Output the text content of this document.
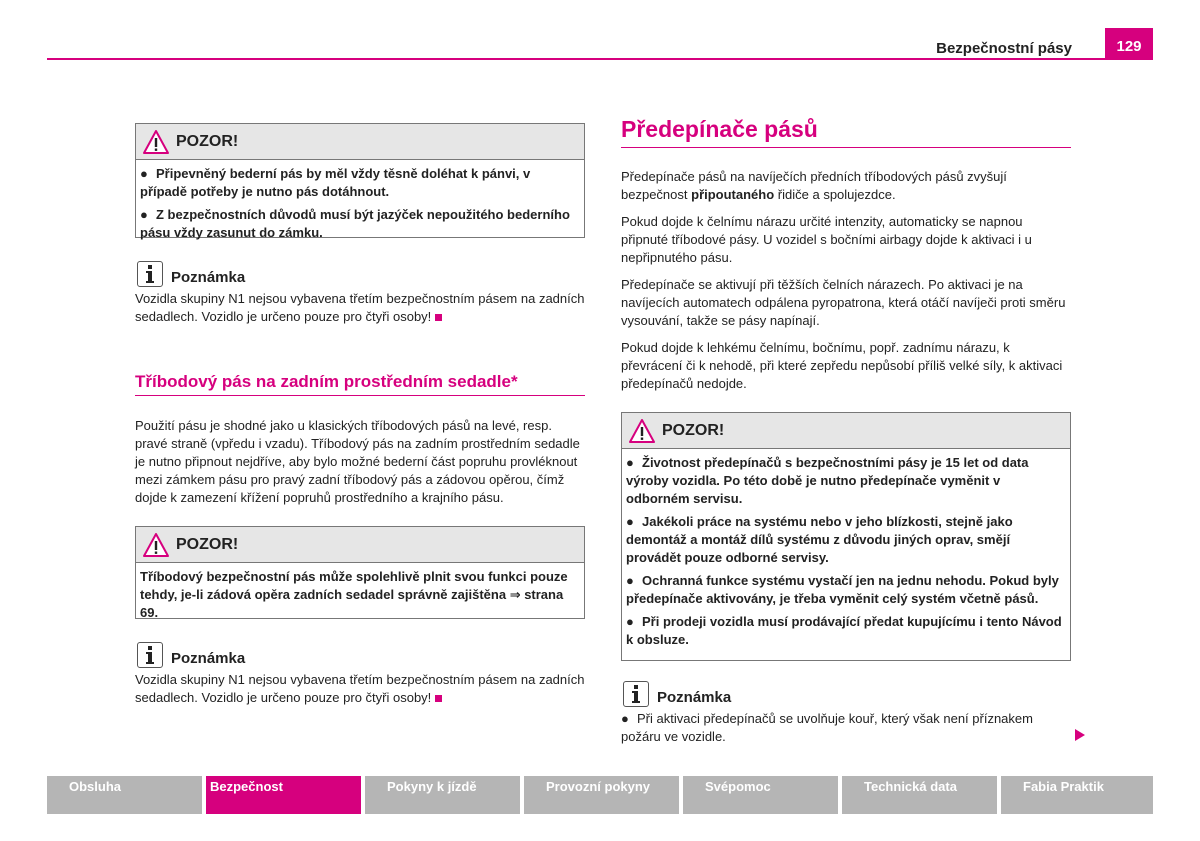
Bezpečnostní pásy	129
POZOR!

● Připevněný bederní pás by měl vždy těsně doléhat k pánvi, v případě potřeby je nutno pás dotáhnout.

● Z bezpečnostních důvodů musí být jazýček nepoužitého bederního pásu vždy zasunut do zámku.

Poznámka
Vozidla skupiny N1 nejsou vybavena třetím bezpečnostním pásem na zadních sedadlech. Vozidlo je určeno pouze pro čtyři osoby!
Tříbodový pás na zadním prostředním sedadle*

Použití pásu je shodné jako u klasických tříbodových pásů na levé, resp. pravé straně (vpředu i vzadu). Tříbodový pás na zadním prostředním sedadle je nutno připnout nejdříve, aby bylo možné bederní část popruhu provléknout mezi zámkem pásu pro pravý zadní tříbodový pás a zádovou opěrou, čímž dojde k zamezení křížení popruhů prostředního a krajního pásu.

POZOR!
Tříbodový bezpečnostní pás může spolehlivě plnit svou funkci pouze tehdy, je-li zádová opěra zadních sedadel správně zajištěna ⇒ strana 69.
Poznámka
Vozidla skupiny N1 nejsou vybavena třetím bezpečnostním pásem na zadních sedadlech. Vozidlo je určeno pouze pro čtyři osoby!
Předepínače pásů

Předepínače pásů na navíječích předních tříbodových pásů zvyšují bezpečnost připoutaného řidiče a spolujezdce.

Pokud dojde k čelnímu nárazu určité intenzity, automaticky se napnou připnuté tříbodové pásy. U vozidel s bočními airbagy dojde k aktivaci i u nepřipnutého pásu.

Předepínače se aktivují při těžších čelních nárazech. Po aktivaci je na navíjecích automatech odpálena pyropatrona, která otáčí navíječi proti směru vysouvání, takže se pásy napínají.

Pokud dojde k lehkému čelnímu, bočnímu, popř. zadnímu nárazu, k převrácení či k nehodě, při které zepředu nepůsobí příliš velké síly, k aktivaci předepínačů nedojde.

POZOR!

● Životnost předepínačů s bezpečnostními pásy je 15 let od data výroby vozidla. Po této době je nutno předepínače vyměnit v odborném servisu.

● Jakékoli práce na systému nebo v jeho blízkosti, stejně jako demontáž a montáž dílů systému z důvodu jiných oprav, smějí provádět pouze odborné servisy.

● Ochranná funkce systému vystačí jen na jednu nehodu. Pokud byly předepínače aktivovány, je třeba vyměnit celý systém včetně pásů.

● Při prodeji vozidla musí prodávající předat kupujícímu i tento Návod k obsluze.

Poznámka
● Při aktivaci předepínačů se uvolňuje kouř, který však není příznakem požáru ve vozidle.
Obsluha	Bezpečnost	Pokyny k jízdě	Provozní pokyny	Svépomoc	Technická data	Fabia Praktik
